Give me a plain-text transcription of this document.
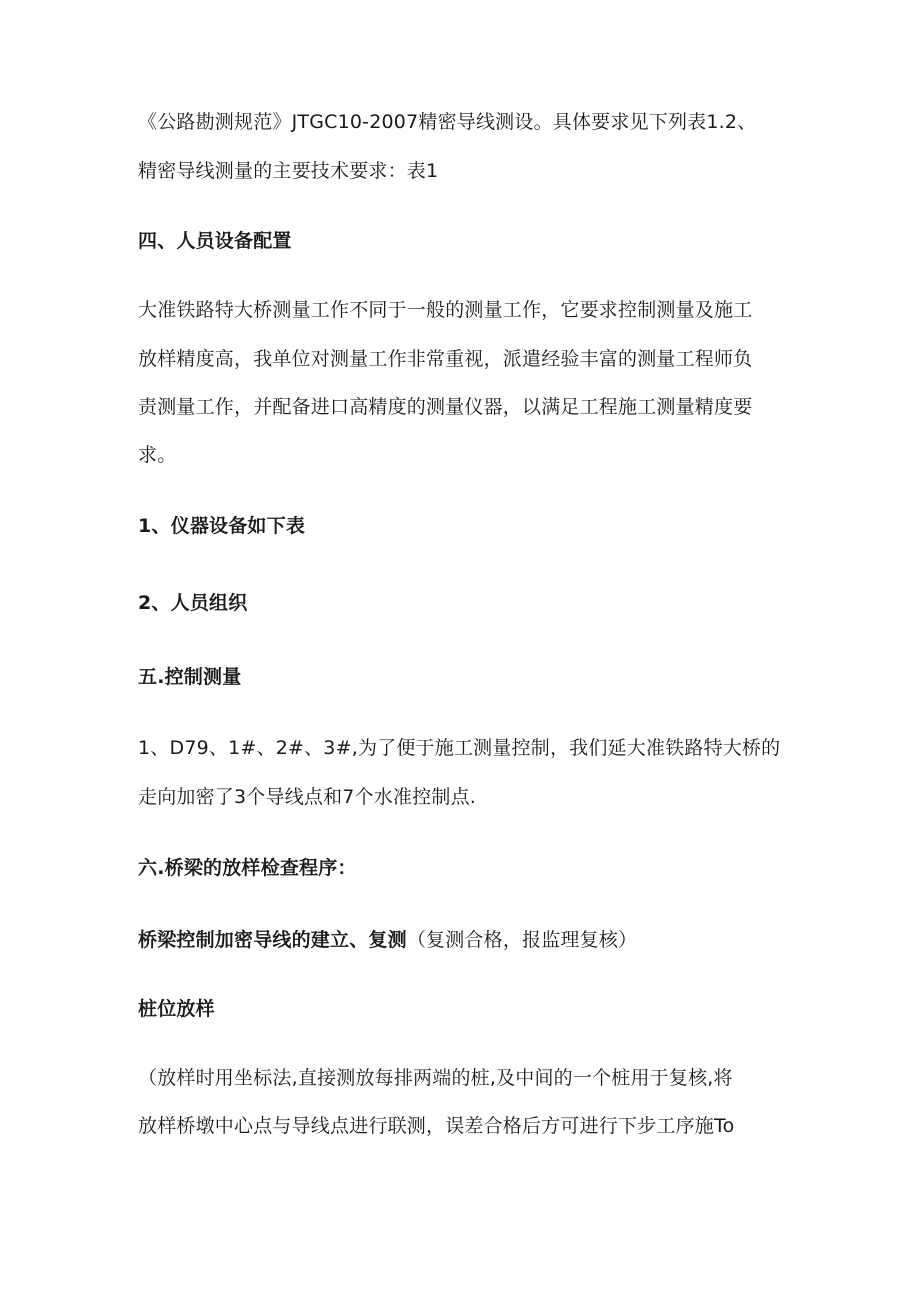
《公路勘测规范》JTGC10-2007精密导线测设。具体要求见下列表1.2、
精密导线测量的主要技术要求：表1
四、人员设备配置
大准铁路特大桥测量工作不同于一般的测量工作，它要求控制测量及施工
放样精度高，我单位对测量工作非常重视，派遣经验丰富的测量工程师负
责测量工作，并配备进口高精度的测量仪器，以满足工程施工测量精度要
求。
1、仪器设备如下表
2、人员组织
五.控制测量
1、D79、1#、2#、3#,为了便于施工测量控制，我们延大准铁路特大桥的
走向加密了3个导线点和7个水准控制点.
六.桥梁的放样检查程序：
桥梁控制加密导线的建立、复测（复测合格，报监理复核）
桩位放样
（放样时用坐标法,直接测放每排两端的桩,及中间的一个桩用于复核,将
放样桥墩中心点与导线点进行联测，误差合格后方可进行下步工序施To
